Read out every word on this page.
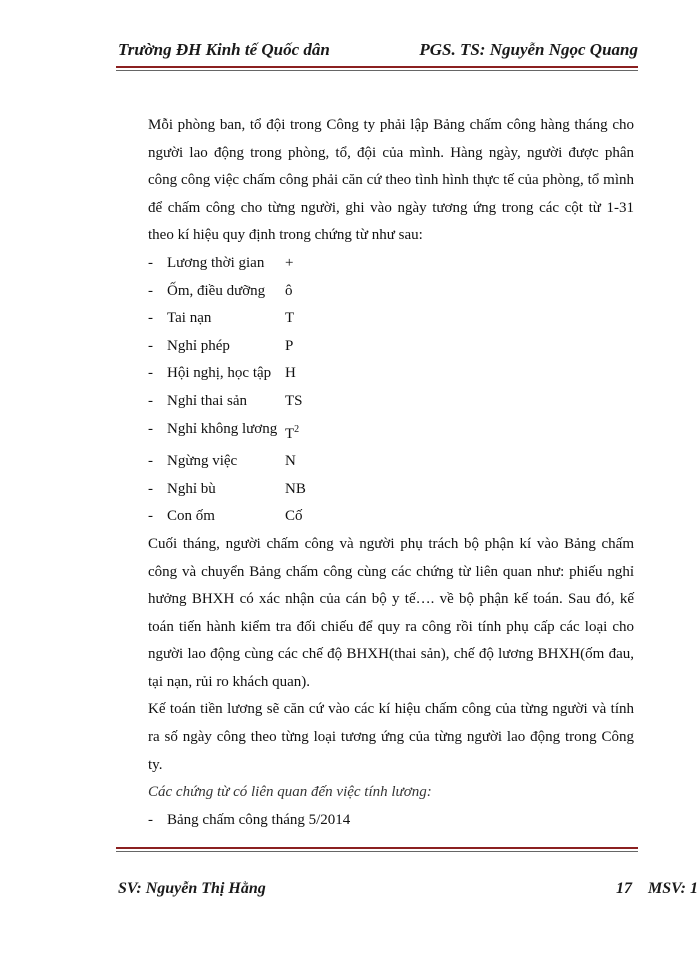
Trường ĐH Kinh tế Quốc dân	PGS. TS: Nguyễn Ngọc Quang

Mỗi phòng ban, tổ đội trong Công ty phải lập Bảng chấm công hàng tháng cho người lao động trong phòng, tổ, đội của mình. Hàng ngày, người được phân công công việc chấm công phải căn cứ theo tình hình thực tế của phòng, tổ mình để chấm công cho từng người, ghi vào ngày tương ứng trong các cột từ 1-31 theo kí hiệu quy định trong chứng từ như sau:

- Lương thời gian	+
- Ốm, điều dưỡng	ô
- Tai nạn	T
- Nghỉ phép	P
- Hội nghị, học tập H
- Nghỉ thai sản	TS
- Nghỉ không lương $T^2$
- Ngừng việc	N
- Nghỉ bù	NB
- Con ốm	Cố

Cuối tháng, người chấm công và người phụ trách bộ phận kí vào Bảng chấm công và chuyển Bảng chấm công cùng các chứng từ liên quan như: phiếu nghỉ hưởng BHXH có xác nhận của cán bộ y tế…. về bộ phận kế toán. Sau đó, kế toán tiến hành kiểm tra đối chiếu để quy ra công rồi tính phụ cấp các loại cho người lao động cùng các chế độ BHXH(thai sản), chế độ lương BHXH(ốm đau, tại nạn, rủi ro khách quan).

Kế toán tiền lương sẽ căn cứ vào các kí hiệu chấm công của từng người và tính ra số ngày công theo từng loại tương ứng của từng người lao động trong Công ty.

Các chứng từ có liên quan đến việc tính lương:

- Bảng chấm công tháng 5/2014
SV: Nguyễn Thị Hằng	17 MSV: 1
